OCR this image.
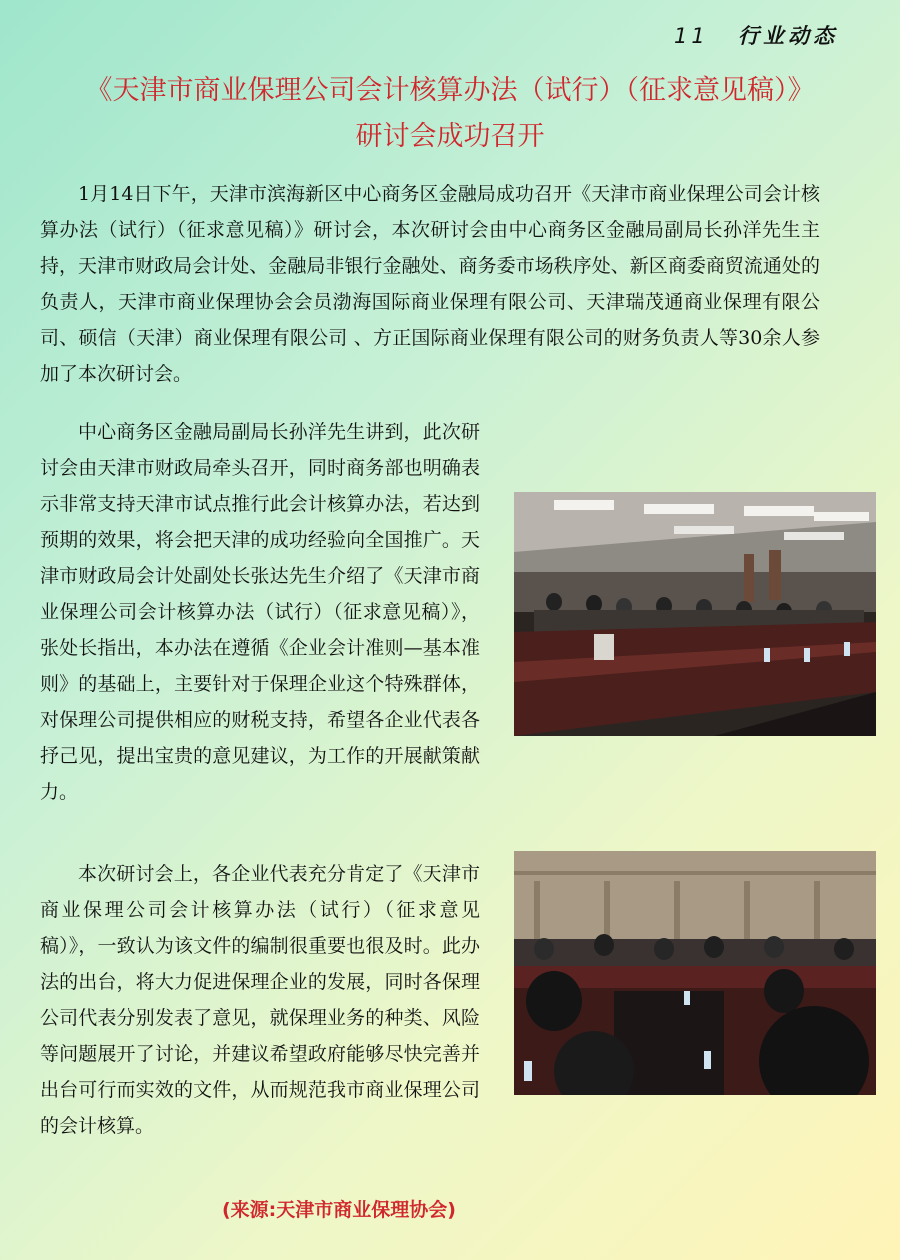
11 行业动态
《天津市商业保理公司会计核算办法（试行）（征求意见稿）》
研讨会成功召开

1月14日下午，天津市滨海新区中心商务区金融局成功召开《天津市商业保理公司会计核算办法（试行）（征求意见稿）》研讨会，本次研讨会由中心商务区金融局副局长孙洋先生主持，天津市财政局会计处、金融局非银行金融处、商务委市场秩序处、新区商委商贸流通处的负责人，天津市商业保理协会会员渤海国际商业保理有限公司、天津瑞茂通商业保理有限公司、硕信（天津）商业保理有限公司 、方正国际商业保理有限公司的财务负责人等30余人参加了本次研讨会。

中心商务区金融局副局长孙洋先生讲到，此次研讨会由天津市财政局牵头召开，同时商务部也明确表示非常支持天津市试点推行此会计核算办法，若达到预期的效果，将会把天津的成功经验向全国推广。天津市财政局会计处副处长张达先生介绍了《天津市商业保理公司会计核算办法（试行）（征求意见稿）》，张处长指出，本办法在遵循《企业会计准则—基本准则》的基础上，主要针对于保理企业这个特殊群体，对保理公司提供相应的财税支持，希望各企业代表各抒己见，提出宝贵的意见建议，为工作的开展献策献力。

本次研讨会上，各企业代表充分肯定了《天津市商业保理公司会计核算办法（试行）（征求意见稿）》，一致认为该文件的编制很重要也很及时。此办法的出台，将大力促进保理企业的发展，同时各保理公司代表分别发表了意见，就保理业务的种类、风险等问题展开了讨论，并建议希望政府能够尽快完善并出台可行而实效的文件，从而规范我市商业保理公司的会计核算。

(来源:天津市商业保理协会)
